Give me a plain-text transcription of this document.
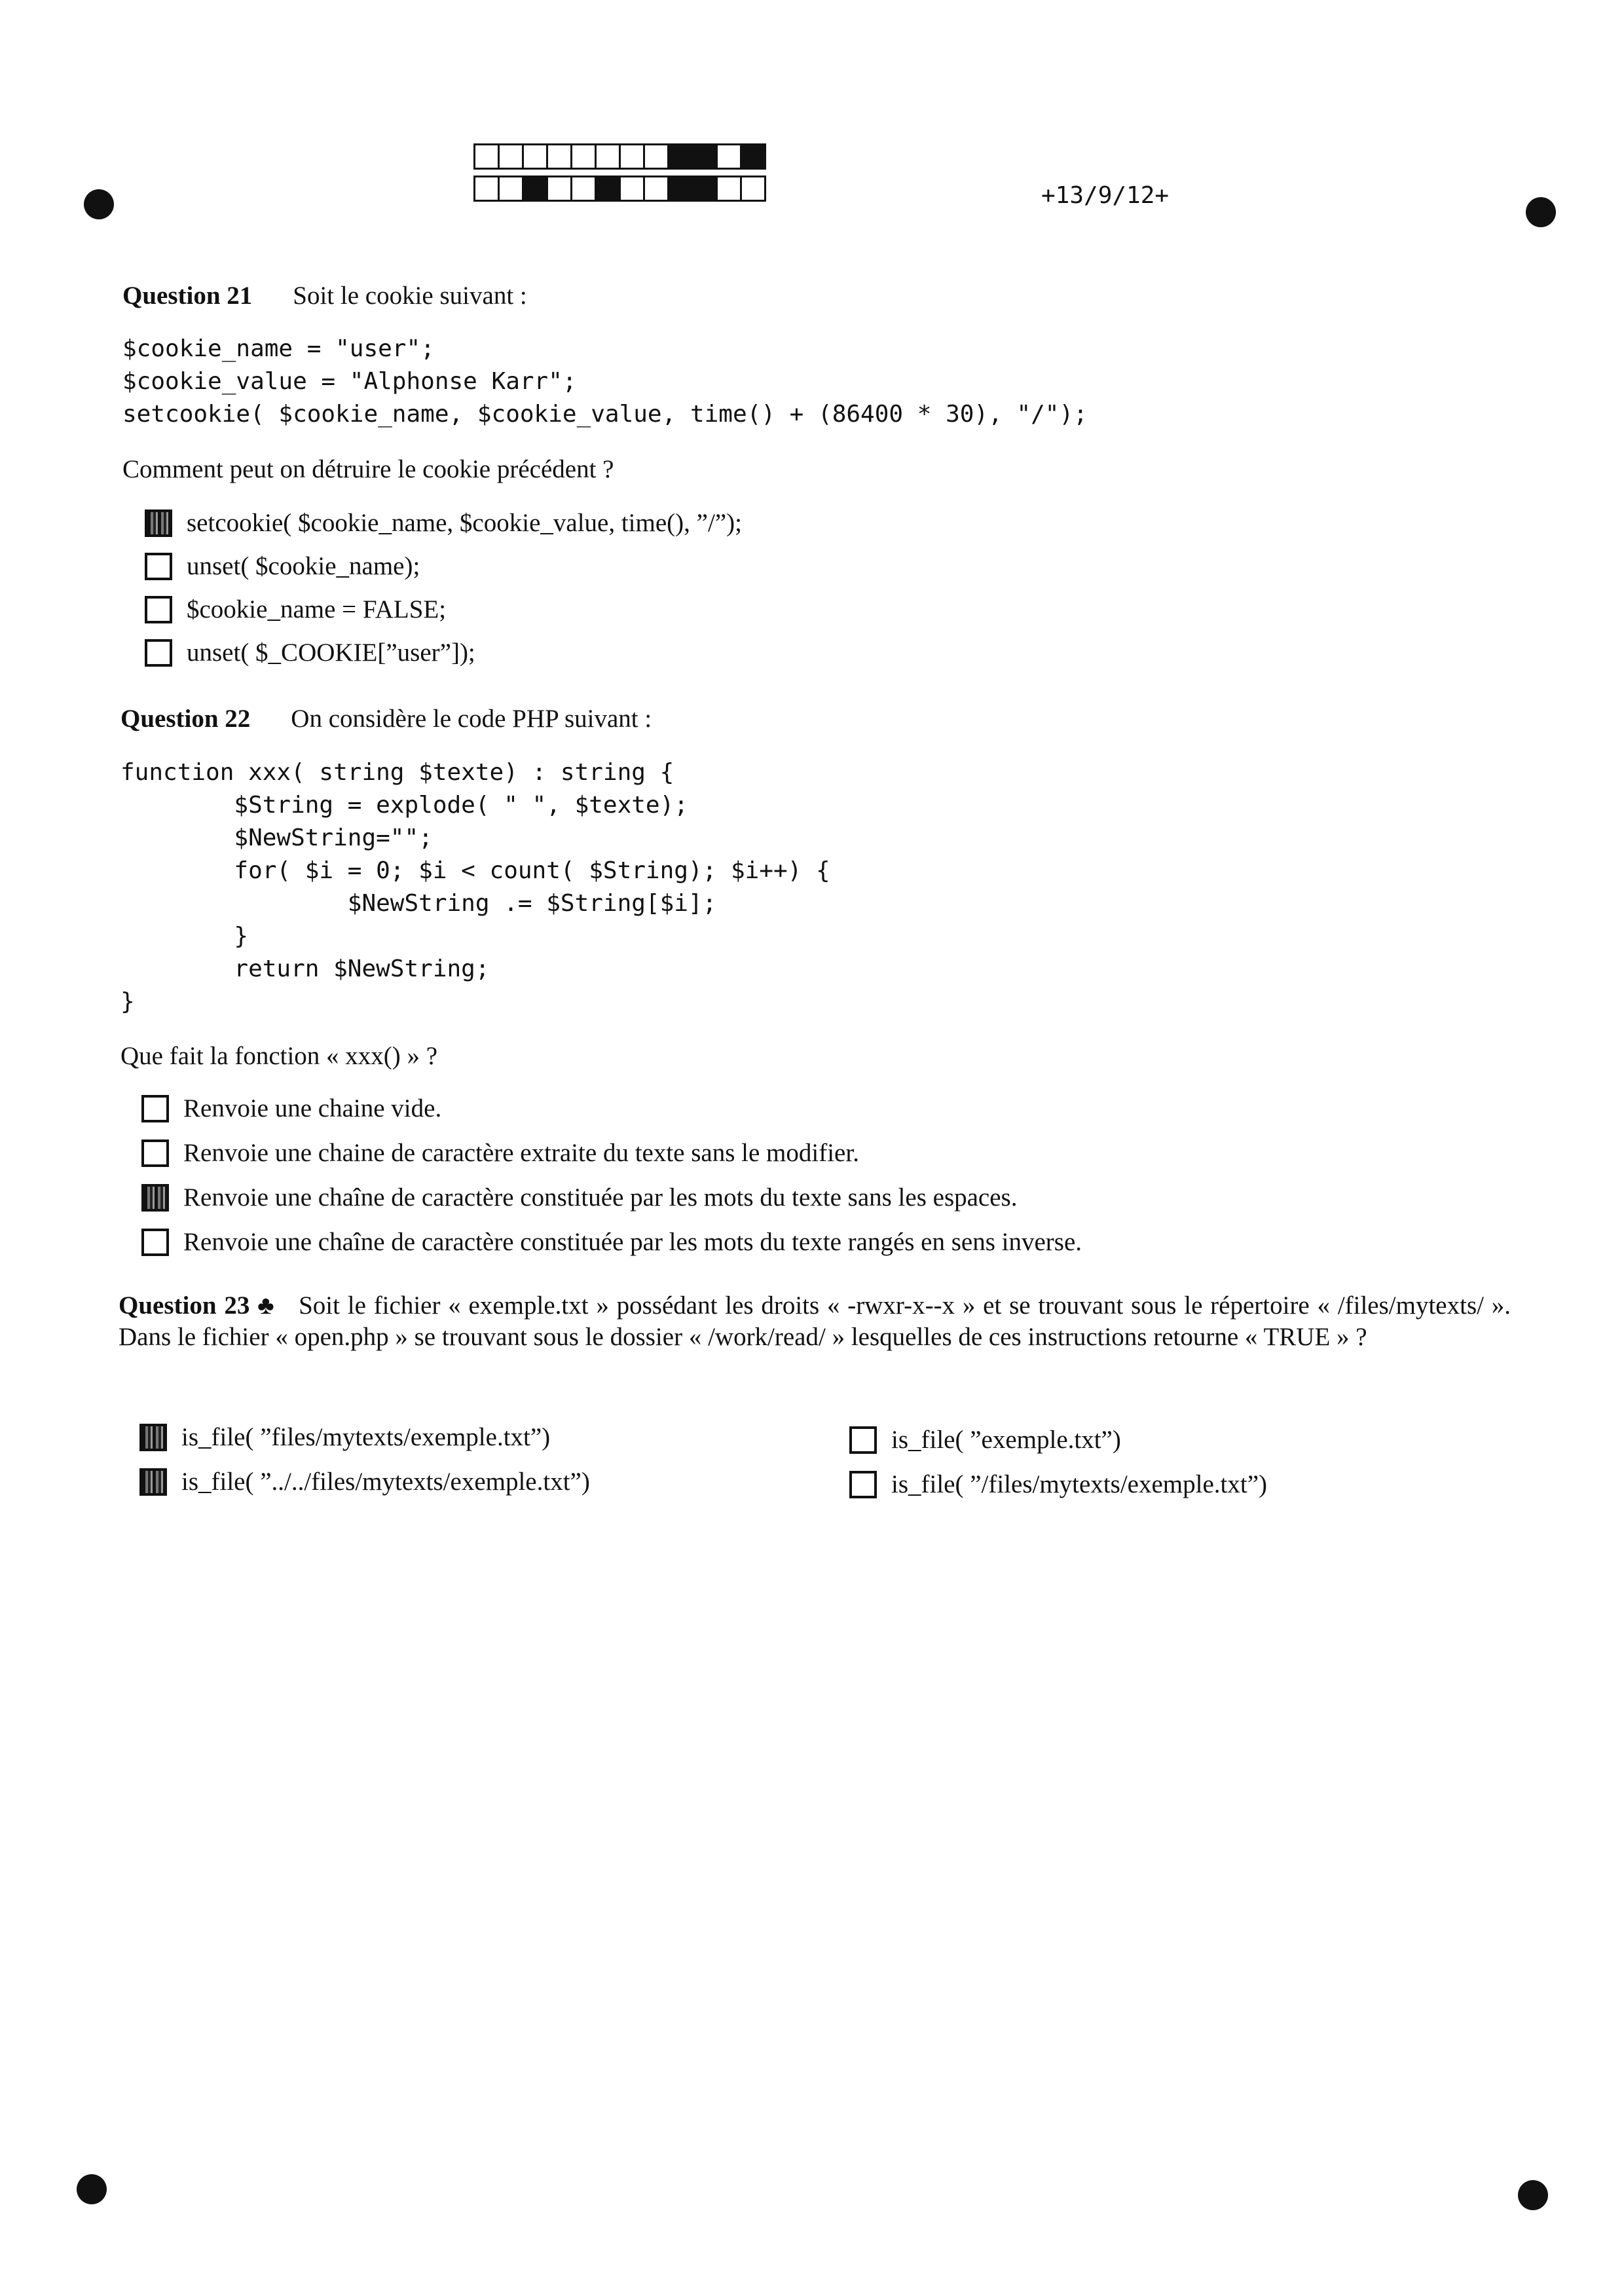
+13/9/12+
Question 21 Soit le cookie suivant :
$cookie_name = "user";
$cookie_value = "Alphonse Karr";
setcookie( $cookie_name, $cookie_value, time() + (86400 * 30), "/");
Comment peut on détruire le cookie précédent ?
setcookie( $cookie_name, $cookie_value, time(), ”/”);
unset( $cookie_name);
$cookie_name = FALSE;
unset( $_COOKIE[”user”]);
Question 22 On considère le code PHP suivant :
function xxx( string $texte) : string {
$String = explode( " ", $texte);
$NewString="";
for( $i = 0; $i < count( $String); $i++) {
$NewString .= $String[$i];
}
return $NewString;
}
Que fait la fonction « xxx() » ?
Renvoie une chaine vide.
Renvoie une chaine de caractère extraite du texte sans le modifier.
Renvoie une chaîne de caractère constituée par les mots du texte sans les espaces.
Renvoie une chaîne de caractère constituée par les mots du texte rangés en sens inverse.
Question 23 ♣ Soit le fichier « exemple.txt » possédant les droits « -rwxr-x--x » et se trouvant sous le répertoire « /files/mytexts/ ». Dans le fichier « open.php » se trouvant sous le dossier « /work/read/ » lesquelles de ces instructions retourne « TRUE » ?
is_file( ”files/mytexts/exemple.txt”)
is_file( ”../../files/mytexts/exemple.txt”)
is_file( ”exemple.txt”)
is_file( ”/files/mytexts/exemple.txt”)
